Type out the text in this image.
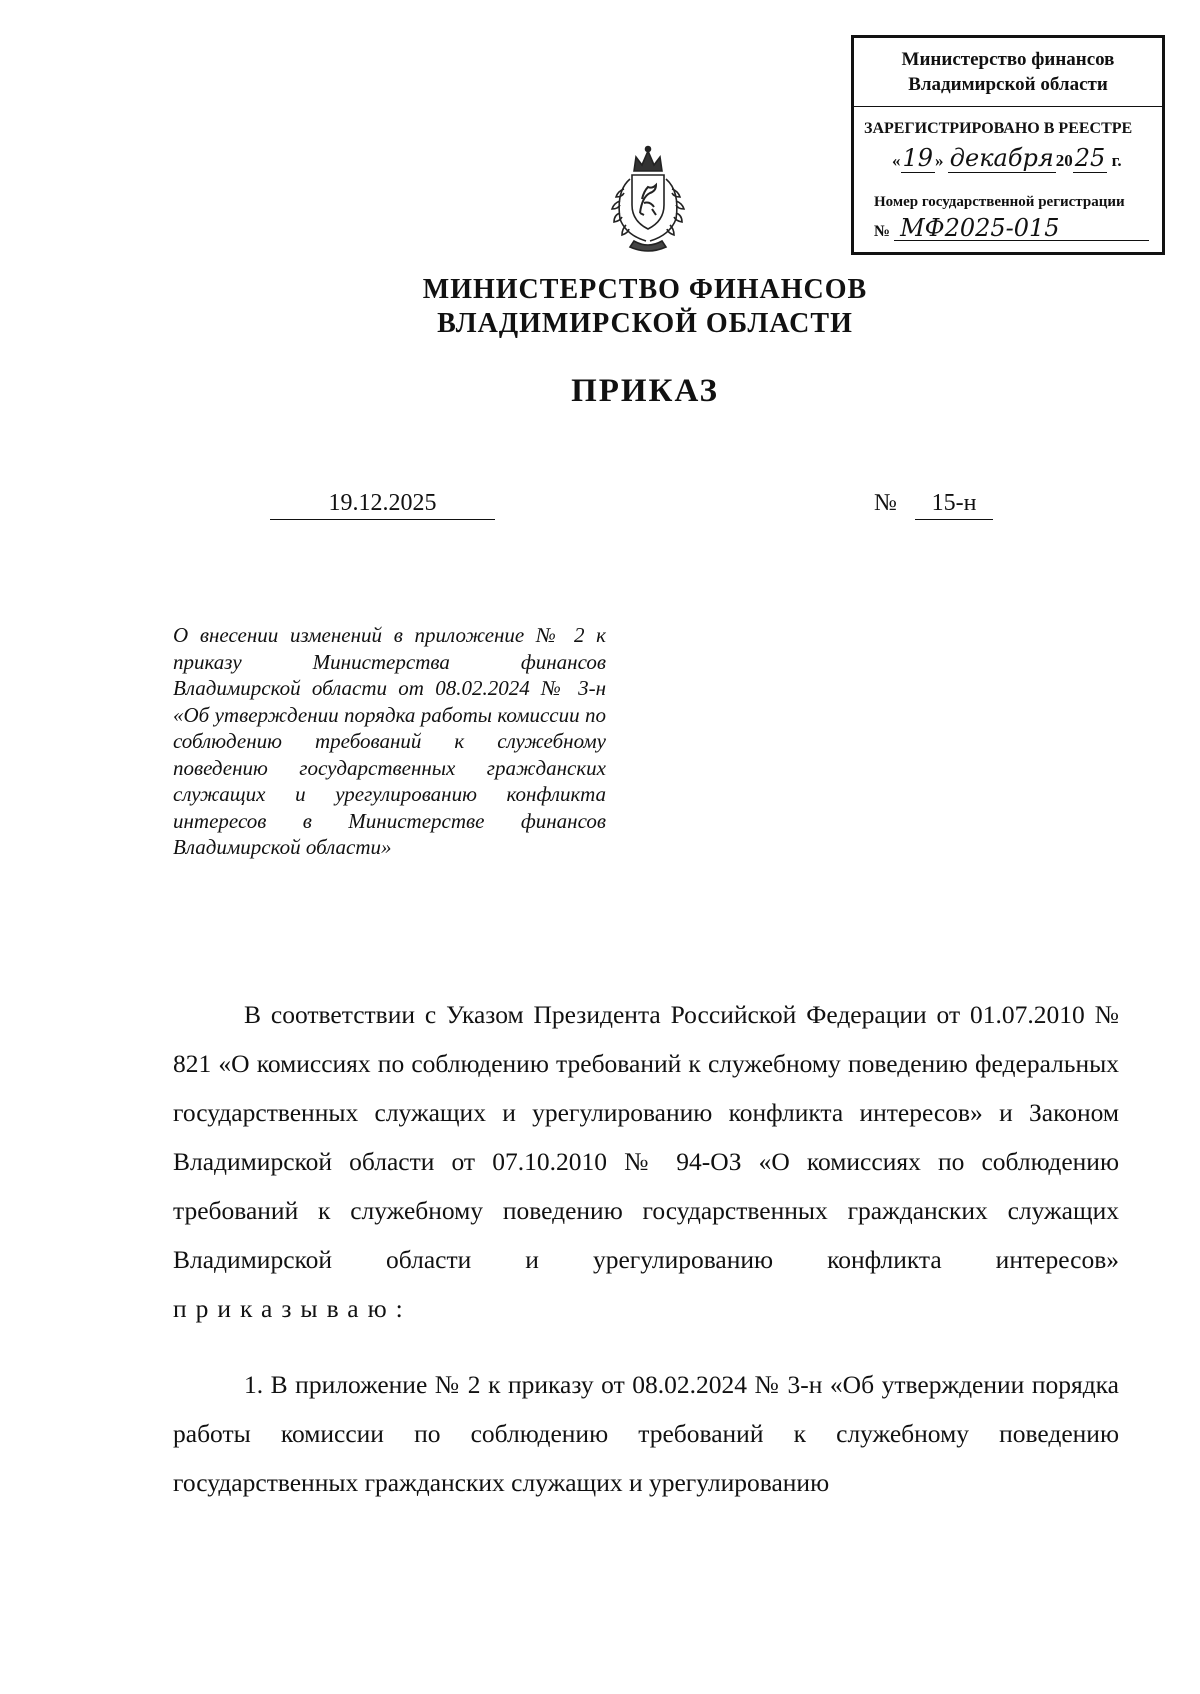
Министерство финансов
Владимирской области
ЗАРЕГИСТРИРОВАНО В РЕЕСТРЕ
«19 » декабря 2025 г.
Номер государственной регистрации
№ МФ2025-015
МИНИСТЕРСТВО ФИНАНСОВ
ВЛАДИМИРСКОЙ ОБЛАСТИ
ПРИКАЗ
19.12.2025	№	15-н
О внесении изменений в приложение № 2 к приказу Министерства финансов Владимирской области от 08.02.2024 № 3-н «Об утверждении порядка работы комиссии по соблюдению требований к служебному поведению государственных гражданских служащих и урегулированию конфликта интересов в Министерстве финансов Владимирской области»

В соответствии с Указом Президента Российской Федерации от 01.07.2010 № 821 «О комиссиях по соблюдению требований к служебному поведению федеральных государственных служащих и урегулированию конфликта интересов» и Законом Владимирской области от 07.10.2010 № 94-ОЗ «О комиссиях по соблюдению требований к служебному поведению государственных гражданских служащих Владимирской области и урегулированию конфликта интересов» приказываю:

1. В приложение № 2 к приказу от 08.02.2024 № 3-н «Об утверждении порядка работы комиссии по соблюдению требований к служебному поведению государственных гражданских служащих и урегулированию
